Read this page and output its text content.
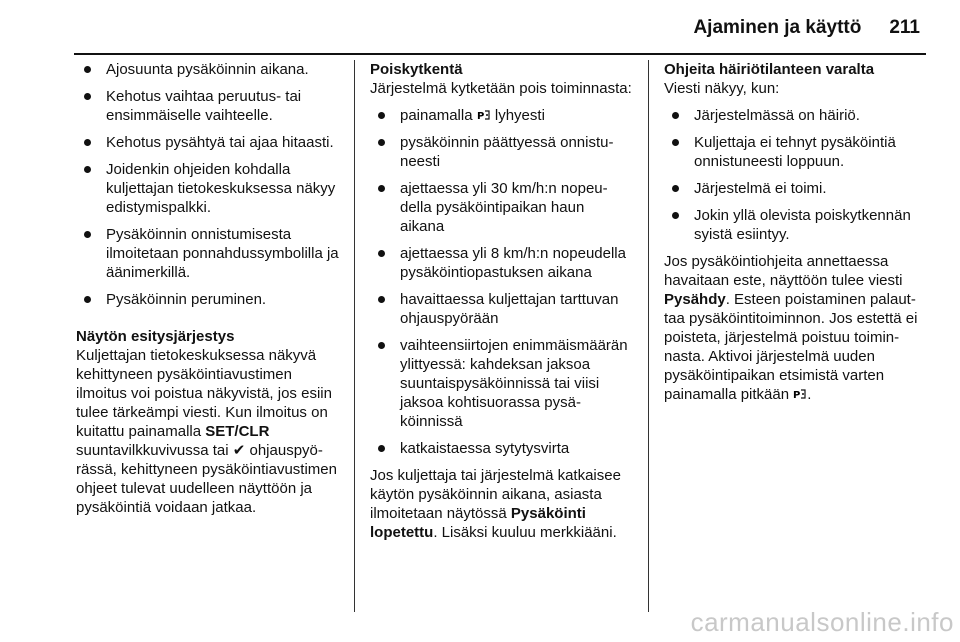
Ajaminen ja käyttö 211
Ajosuunta pysäköinnin aikana.
Kehotus vaihtaa peruutus- tai ensimmäiselle vaihteelle.
Kehotus pysähtyä tai ajaa hitaasti.
Joidenkin ohjeiden kohdalla kuljettajan tietokeskuksessa näkyy edistymispalkki.
Pysäköinnin onnistumisesta ilmoitetaan ponnahdussymbolilla ja äänimerkillä.
Pysäköinnin peruminen.

Näytön esitysjärjestys

Kuljettajan tietokeskuksessa näkyvä kehittyneen pysäköintiavustimen ilmoitus voi poistua näkyvistä, jos esiin tulee tärkeämpi viesti. Kun ilmoitus on kuitattu painamalla SET/CLR suuntavilkkuvivussa tai ✔ ohjauspyörässä, kehittyneen pysäköintiavustimen ohjeet tulevat uudelleen näyttöön ja pysäköintiä voidaan jatkaa.

Poiskytkentä

Järjestelmä kytketään pois toiminnasta:

painamalla P lyhyesti
pysäköinnin päättyessä onnistuneesti
ajettaessa yli 30 km/h:n nopeudella pysäköintipaikan haun aikana
ajettaessa yli 8 km/h:n nopeudella pysäköintiopastuksen aikana
havaittaessa kuljettajan tarttuvan ohjauspyörään
vaihteensiirtojen enimmäismäärän ylittyessä: kahdeksan jaksoa suuntaispysäköinnissä tai viisi jaksoa kohtisuorassa pysäköinnissä
katkaistaessa sytytysvirta

Jos kuljettaja tai järjestelmä katkaisee käytön pysäköinnin aikana, asiasta ilmoitetaan näytössä Pysäköinti lopetettu. Lisäksi kuuluu merkkiääni.

Ohjeita häiriötilanteen varalta

Viesti näkyy, kun:

Järjestelmässä on häiriö.
Kuljettaja ei tehnyt pysäköintiä onnistuneesti loppuun.
Järjestelmä ei toimi.
Jokin yllä olevista poiskytkennän syistä esiintyy.

Jos pysäköintiohjeita annettaessa havaitaan este, näyttöön tulee viesti Pysähdy. Esteen poistaminen palauttaa pysäköintitoiminnon. Jos estettä ei poisteta, järjestelmä poistuu toiminnasta. Aktivoi järjestelmä uuden pysäköintipaikan etsimistä varten painamalla pitkään P .

carmanualsonline.info
